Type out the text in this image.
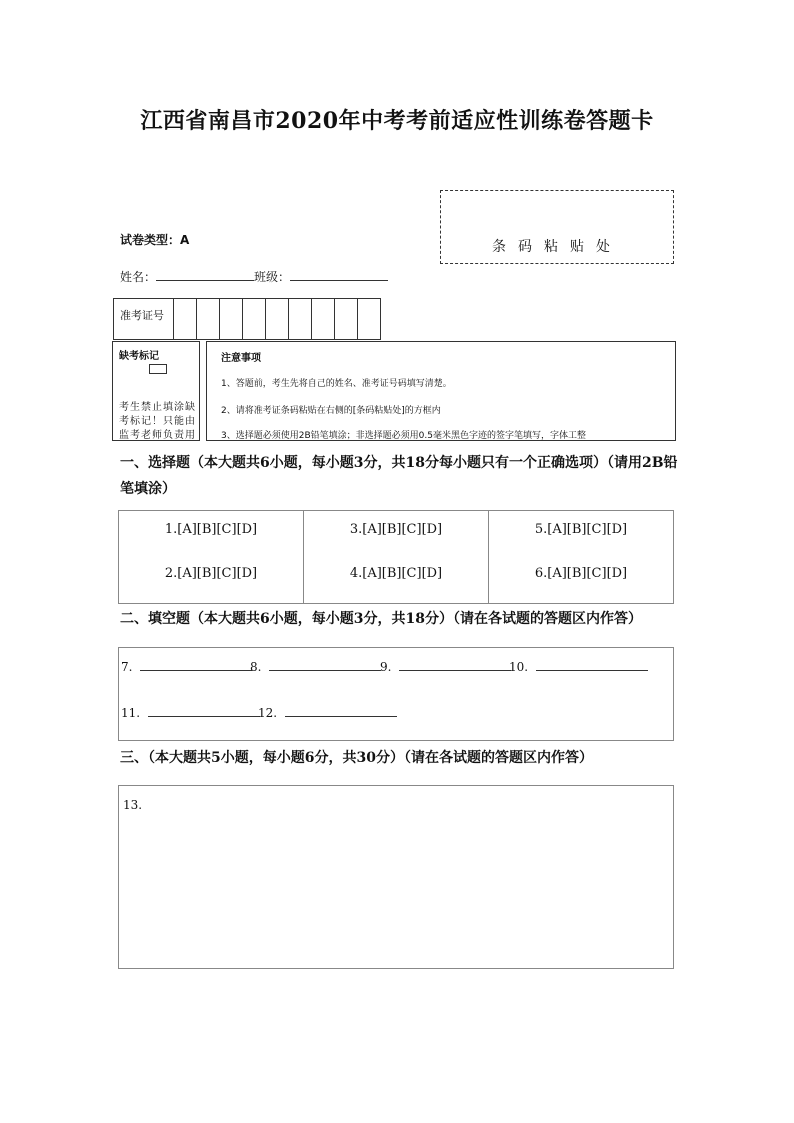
江西省南昌市2020年中考考前适应性训练卷答题卡
条码粘贴处
试卷类型：A
姓名：	班级：
准考证号
缺考标记
考生禁止填涂缺考标记！只能由监考老师负责用
注意事项
1、答题前，考生先将自己的姓名、准考证号码填写清楚。
2、请将准考证条码粘贴在右侧的[条码粘贴处]的方框内
3、选择题必须使用2B铅笔填涂；非选择题必须用0.5毫米黑色字迹的签字笔填写，字体工整
一、选择题（本大题共6小题，每小题3分，共18分每小题只有一个正确选项）（请用2B铅笔填涂）
1.[A][B][C][D]
2.[A][B][C][D]
3.[A][B][C][D]
4.[A][B][C][D]
5.[A][B][C][D]
6.[A][B][C][D]
二、填空题（本大题共6小题，每小题3分，共18分）（请在各试题的答题区内作答）
7.	8.	9.	10.
11.	12.
三、（本大题共5小题，每小题6分，共30分）（请在各试题的答题区内作答）
13.
